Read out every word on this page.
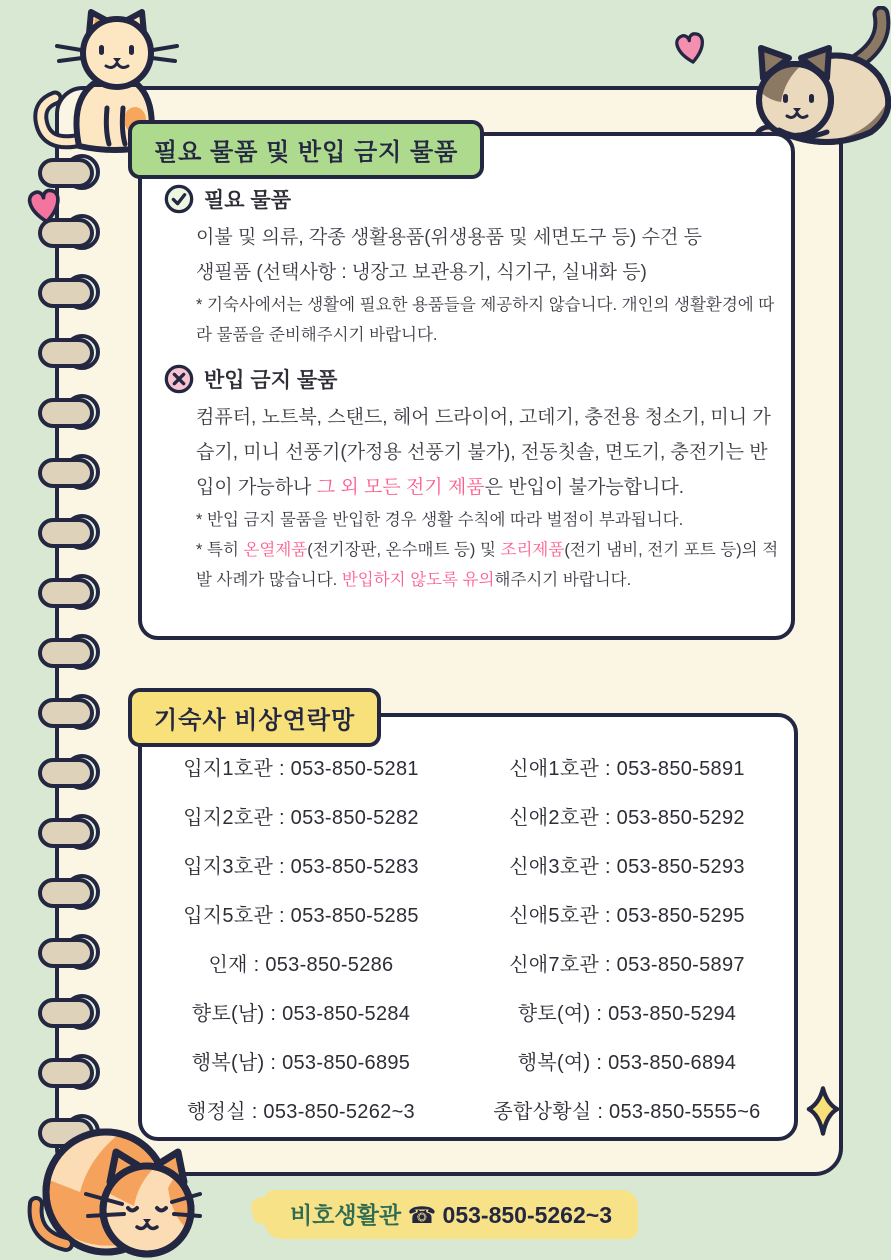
필요 물품 및 반입 금지 물품
필요 물품
이불 및 의류, 각종 생활용품(위생용품 및 세면도구 등) 수건 등
생필품 (선택사항 : 냉장고 보관용기, 식기구, 실내화 등)
* 기숙사에서는 생활에 필요한 용품들을 제공하지 않습니다. 개인의 생활환경에 따라 물품을 준비해주시기 바랍니다.
반입 금지 물품
컴퓨터, 노트북, 스탠드, 헤어 드라이어, 고데기, 충전용 청소기, 미니 가습기, 미니 선풍기(가정용 선풍기 불가), 전동칫솔, 면도기, 충전기는 반입이 가능하나 그 외 모든 전기 제품은 반입이 불가능합니다.
* 반입 금지 물품을 반입한 경우 생활 수칙에 따라 벌점이 부과됩니다.
* 특히 온열제품(전기장판, 온수매트 등) 및 조리제품(전기 냄비, 전기 포트 등)의 적발 사례가 많습니다. 반입하지 않도록 유의해주시기 바랍니다.
기숙사 비상연락망
입지1호관 : 053-850-5281	신애1호관 : 053-850-5891
입지2호관 : 053-850-5282	신애2호관 : 053-850-5292
입지3호관 : 053-850-5283	신애3호관 : 053-850-5293
입지5호관 : 053-850-5285	신애5호관 : 053-850-5295
인재 : 053-850-5286	신애7호관 : 053-850-5897
향토(남) : 053-850-5284	향토(여) : 053-850-5294
행복(남) : 053-850-6895	행복(여) : 053-850-6894
행정실 : 053-850-5262~3	종합상황실 : 053-850-5555~6
비호생활관 ☎ 053-850-5262~3
